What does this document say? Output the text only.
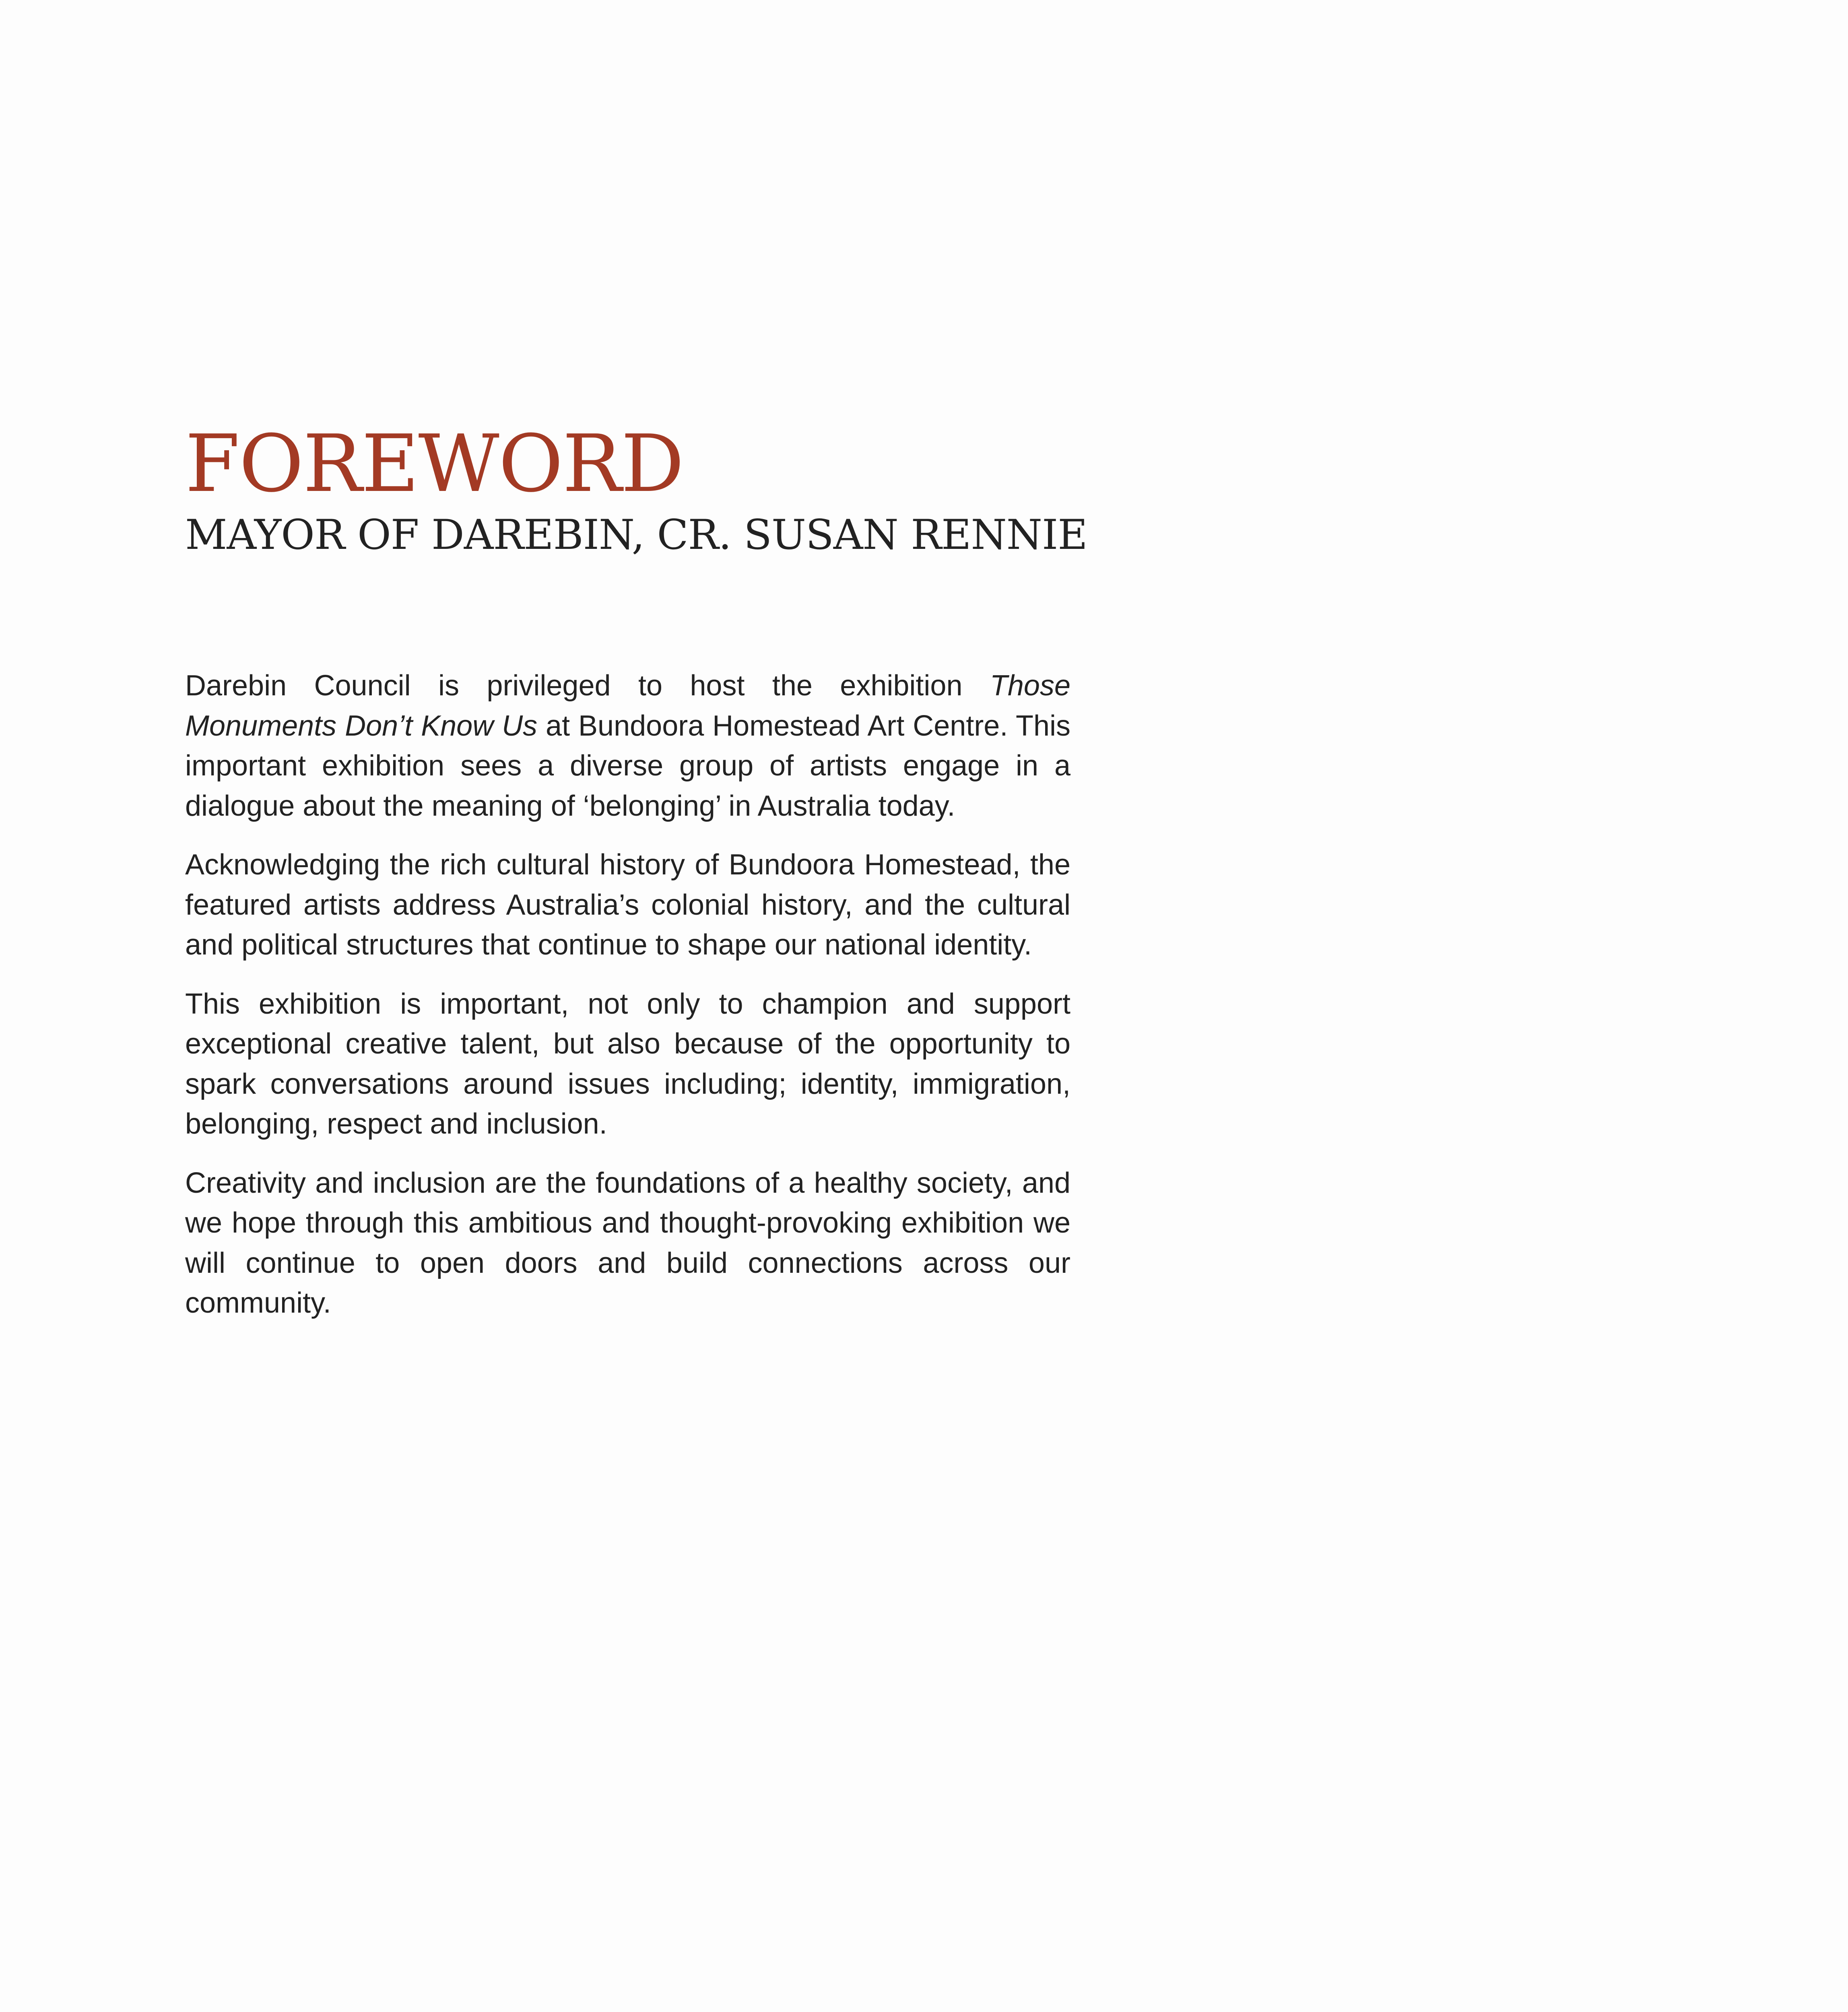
FOREWORD
MAYOR OF DAREBIN, CR. SUSAN RENNIE

Darebin Council is privileged to host the exhibition Those Monuments Don’t Know Us at Bundoora Homestead Art Centre. This important exhibition sees a diverse group of artists engage in a dialogue about the meaning of ‘belonging’ in Australia today.

Acknowledging the rich cultural history of Bundoora Homestead, the featured artists address Australia’s colonial history, and the cultural and political structures that continue to shape our national identity.

This exhibition is important, not only to champion and support exceptional creative talent, but also because of the opportunity to spark conversations around issues including; identity, immigration, belonging, respect and inclusion.

Creativity and inclusion are the foundations of a healthy society, and we hope through this ambitious and thought-provoking exhibition we will continue to open doors and build connections across our community.
